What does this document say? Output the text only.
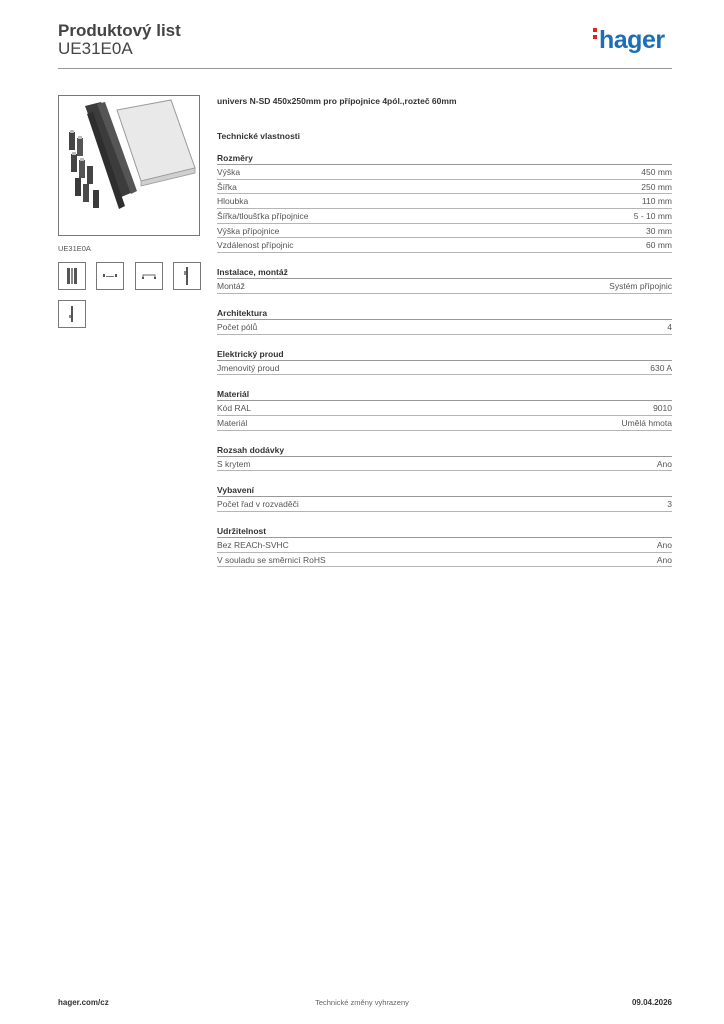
Produktový list
UE31E0A	hager
UE31E0A
univers N-SD 450x250mm pro přípojnice 4pól.,rozteč 60mm
Technické vlastnosti
Rozměry
Výška	450 mm
Šířka	250 mm
Hloubka	110 mm
Šířka/tloušťka přípojnice	5 - 10 mm
Výška přípojnice	30 mm
Vzdálenost přípojnic	60 mm
Instalace, montáž
Montáž	Systém přípojnic
Architektura
Počet pólů	4
Elektrický proud
Jmenovitý proud	630 A
Materiál
Kód RAL	9010
Materiál	Umělá hmota
Rozsah dodávky
S krytem	Ano
Vybavení
Počet řad v rozvaděči	3
Udržitelnost
Bez REACh-SVHC	Ano
V souladu se směrnicí RoHS	Ano
hager.com/cz	Technické změny vyhrazeny	09.04.2026
